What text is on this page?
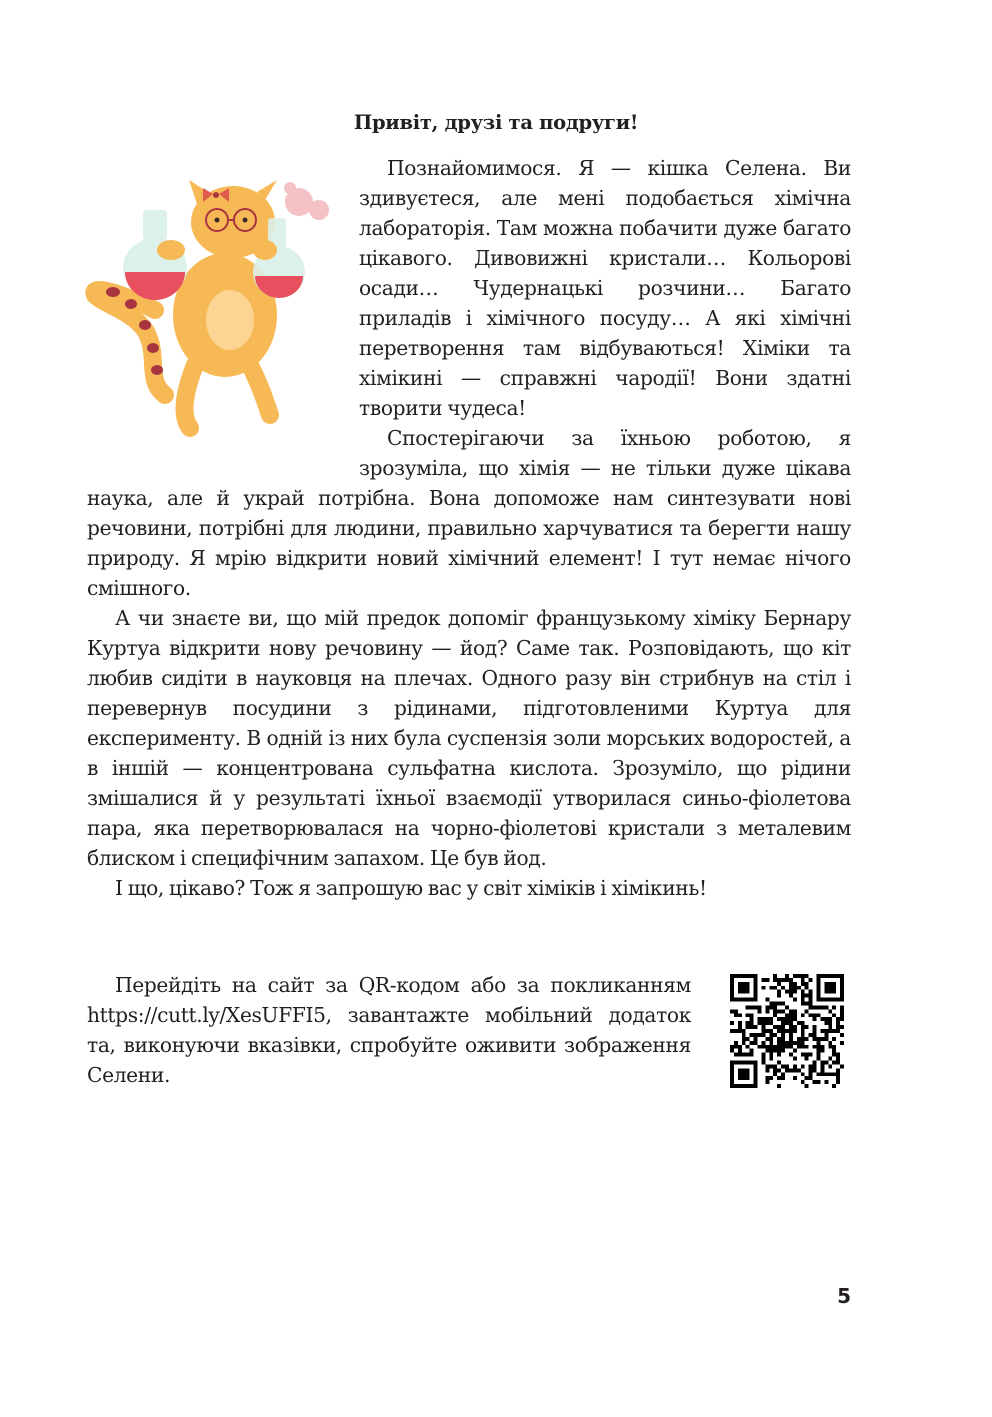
Привіт, друзі та подруги!

Познайомимося. Я — кішка Селена. Ви здивуєтеся, але мені подобається хімічна лабораторія. Там можна побачити дуже багато цікавого. Дивовижні кристали… Кольорові осади… Чудернацькі розчини… Багато приладів і хімічного посуду… А які хімічні перетворення там відбуваються! Хіміки та хімікині — справжні чародії! Вони здатні творити чудеса!

Спостерігаючи за їхньою роботою, я зрозуміла, що хімія — не тільки дуже цікава наука, але й украй потрібна. Вона допоможе нам синтезувати нові речовини, потрібні для людини, правильно харчуватися та берегти нашу природу. Я мрію відкрити новий хімічний елемент! І тут немає нічого смішного.

А чи знаєте ви, що мій предок допоміг французькому хіміку Бернару Куртуа відкрити нову речовину — йод? Саме так. Розповідають, що кіт любив сидіти в науковця на плечах. Одного разу він стрибнув на стіл і перевернув посудини з рідинами, підготовленими Куртуа для експерименту. В одній із них була суспензія золи морських водоростей, а в іншій — концентрована сульфатна кислота. Зрозуміло, що рідини змішалися й у результаті їхньої взаємодії утворилася синьо-фіолетова пара, яка перетворювалася на чорно-фіолетові кристали з металевим блиском і специфічним запахом. Це був йод.

І що, цікаво? Тож я запрошую вас у світ хіміків і хімікинь!

Перейдіть на сайт за QR-кодом або за покликанням https://cutt.ly/XesUFFI5, завантажте мобільний додаток та, виконуючи вказівки, спробуйте оживити зображення Селени.

5
